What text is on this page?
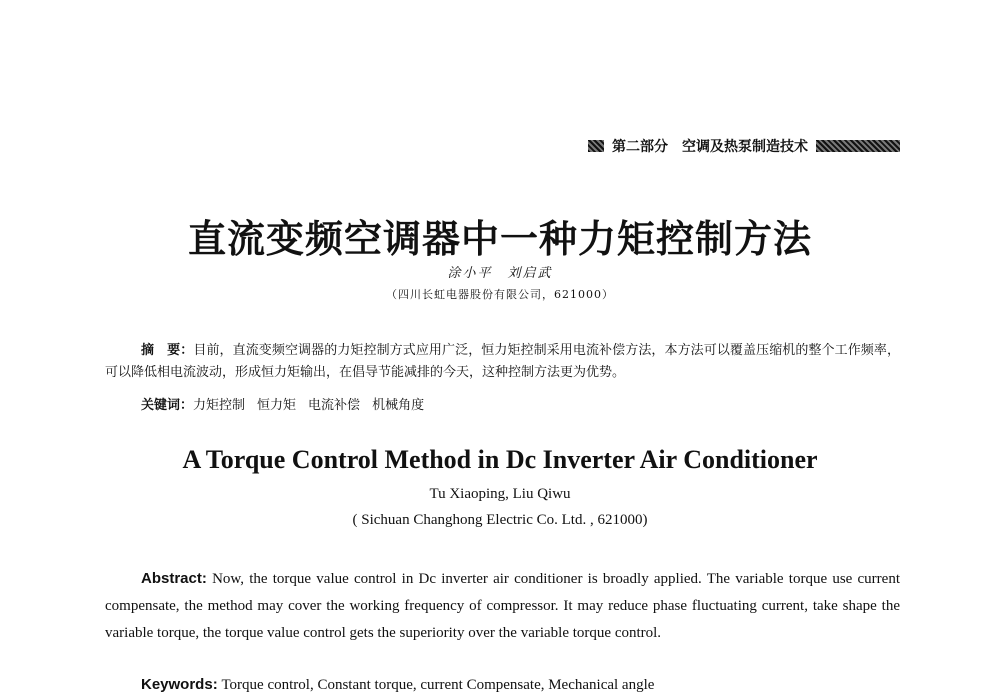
第二部分 空调及热泵制造技术
直流变频空调器中一种力矩控制方法
涂小平　刘启武
（四川长虹电器股份有限公司，621000）
摘　要：目前，直流变频空调器的力矩控制方式应用广泛，恒力矩控制采用电流补偿方法，本方法可以覆盖压缩机的整个工作频率，可以降低相电流波动，形成恒力矩输出，在倡导节能减排的今天，这种控制方法更为优势。
关键词：力矩控制 恒力矩 电流补偿 机械角度
A Torque Control Method in Dc Inverter Air Conditioner
Tu Xiaoping, Liu Qiwu
( Sichuan Changhong Electric Co. Ltd. , 621000)
Abstract: Now, the torque value control in Dc inverter air conditioner is broadly applied. The variable torque use current compensate, the method may cover the working frequency of compressor. It may reduce phase fluctuating current, take shape the variable torque, the torque value control gets the superiority over the variable torque control.
Keywords: Torque control, Constant torque, current Compensate, Mechanical angle
